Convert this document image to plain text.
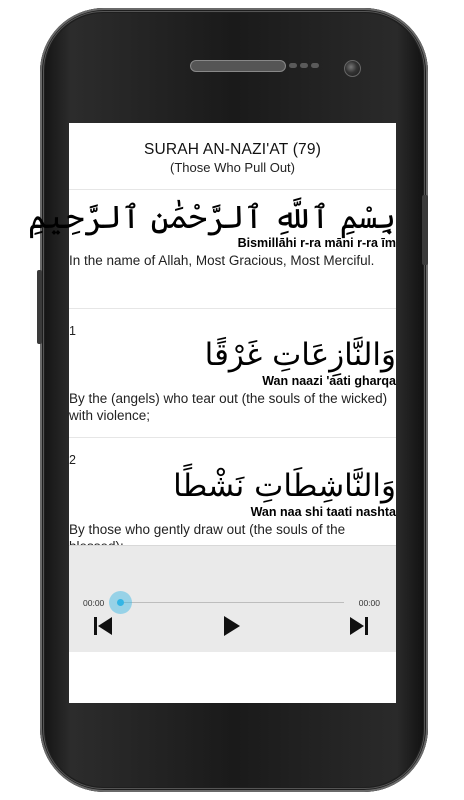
SURAH AN-NAZI'AT (79)
(Those Who Pull Out)
بِسْمِ ٱللَّهِ ٱلرَّحْمَٰنِ ٱلرَّحِيمِ
Bismillāhi r-ra māni r-ra īm
In the name of Allah, Most Gracious, Most Merciful.
1
وَالنَّازِعَاتِ غَرْقًا
Wan naazi 'aati gharqa
By the (angels) who tear out (the souls of the wicked) with violence;
2
وَالنَّاشِطَاتِ نَشْطًا
Wan naa shi taati nashta
By those who gently draw out (the souls of the
00:00	00:00
